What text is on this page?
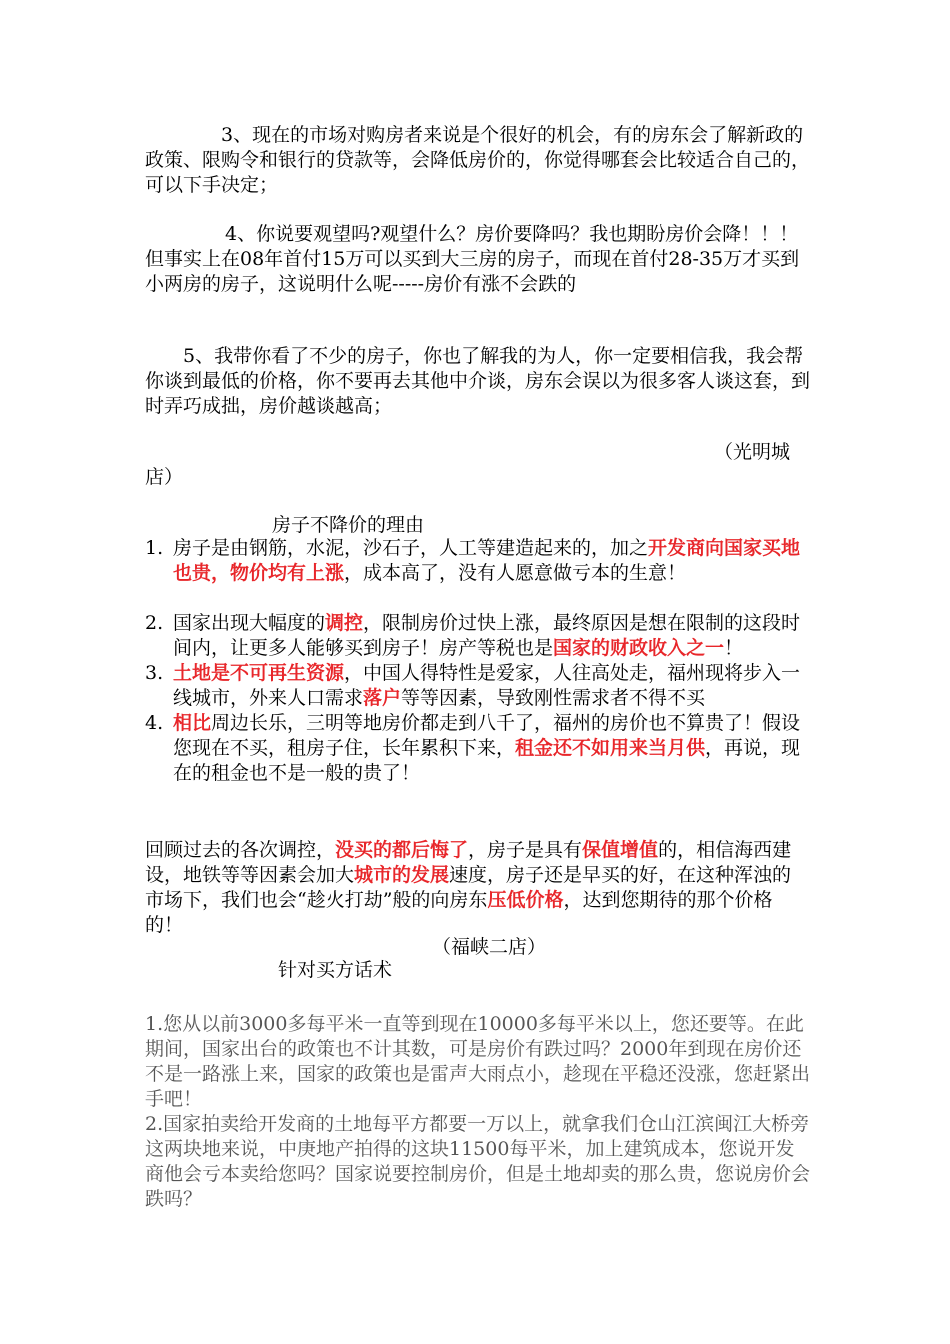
3、现在的市场对购房者来说是个很好的机会，有的房东会了解新政的政策、限购令和银行的贷款等，会降低房价的，你觉得哪套会比较适合自己的，可以下手决定；

4、你说要观望吗?观望什么？房价要降吗？我也期盼房价会降！！！但事实上在08年首付15万可以买到大三房的房子，而现在首付28-35万才买到小两房的房子，这说明什么呢-----房价有涨不会跌的

5、我带你看了不少的房子，你也了解我的为人，你一定要相信我，我会帮你谈到最低的价格，你不要再去其他中介谈，房东会误以为很多客人谈这套，到时弄巧成拙，房价越谈越高；

（光明城
店）
房子不降价的理由
1. 房子是由钢筋，水泥，沙石子，人工等建造起来的，加之开发商向国家买地也贵，物价均有上涨，成本高了，没有人愿意做亏本的生意！
2. 国家出现大幅度的调控，限制房价过快上涨，最终原因是想在限制的这段时间内，让更多人能够买到房子！房产等税也是国家的财政收入之一！
3. 土地是不可再生资源，中国人得特性是爱家，人往高处走，福州现将步入一线城市，外来人口需求落户等等因素，导致刚性需求者不得不买
4. 相比周边长乐，三明等地房价都走到八千了，福州的房价也不算贵了！假设您现在不买，租房子住，长年累积下来，租金还不如用来当月供，再说，现在的租金也不是一般的贵了！

回顾过去的各次调控，没买的都后悔了，房子是具有保值增值的，相信海西建设，地铁等等因素会加大城市的发展速度，房子还是早买的好，在这种浑浊的市场下，我们也会“趁火打劫”般的向房东压低价格，达到您期待的那个价格的！

（福峡二店）
针对买方话术

1.您从以前3000多每平米一直等到现在10000多每平米以上，您还要等。在此期间，国家出台的政策也不计其数，可是房价有跌过吗？2000年到现在房价还不是一路涨上来，国家的政策也是雷声大雨点小，趁现在平稳还没涨，您赶紧出手吧！

2.国家拍卖给开发商的土地每平方都要一万以上，就拿我们仓山江滨闽江大桥旁这两块地来说，中庚地产拍得的这块11500每平米，加上建筑成本，您说开发商他会亏本卖给您吗？国家说要控制房价，但是土地却卖的那么贵，您说房价会跌吗？
